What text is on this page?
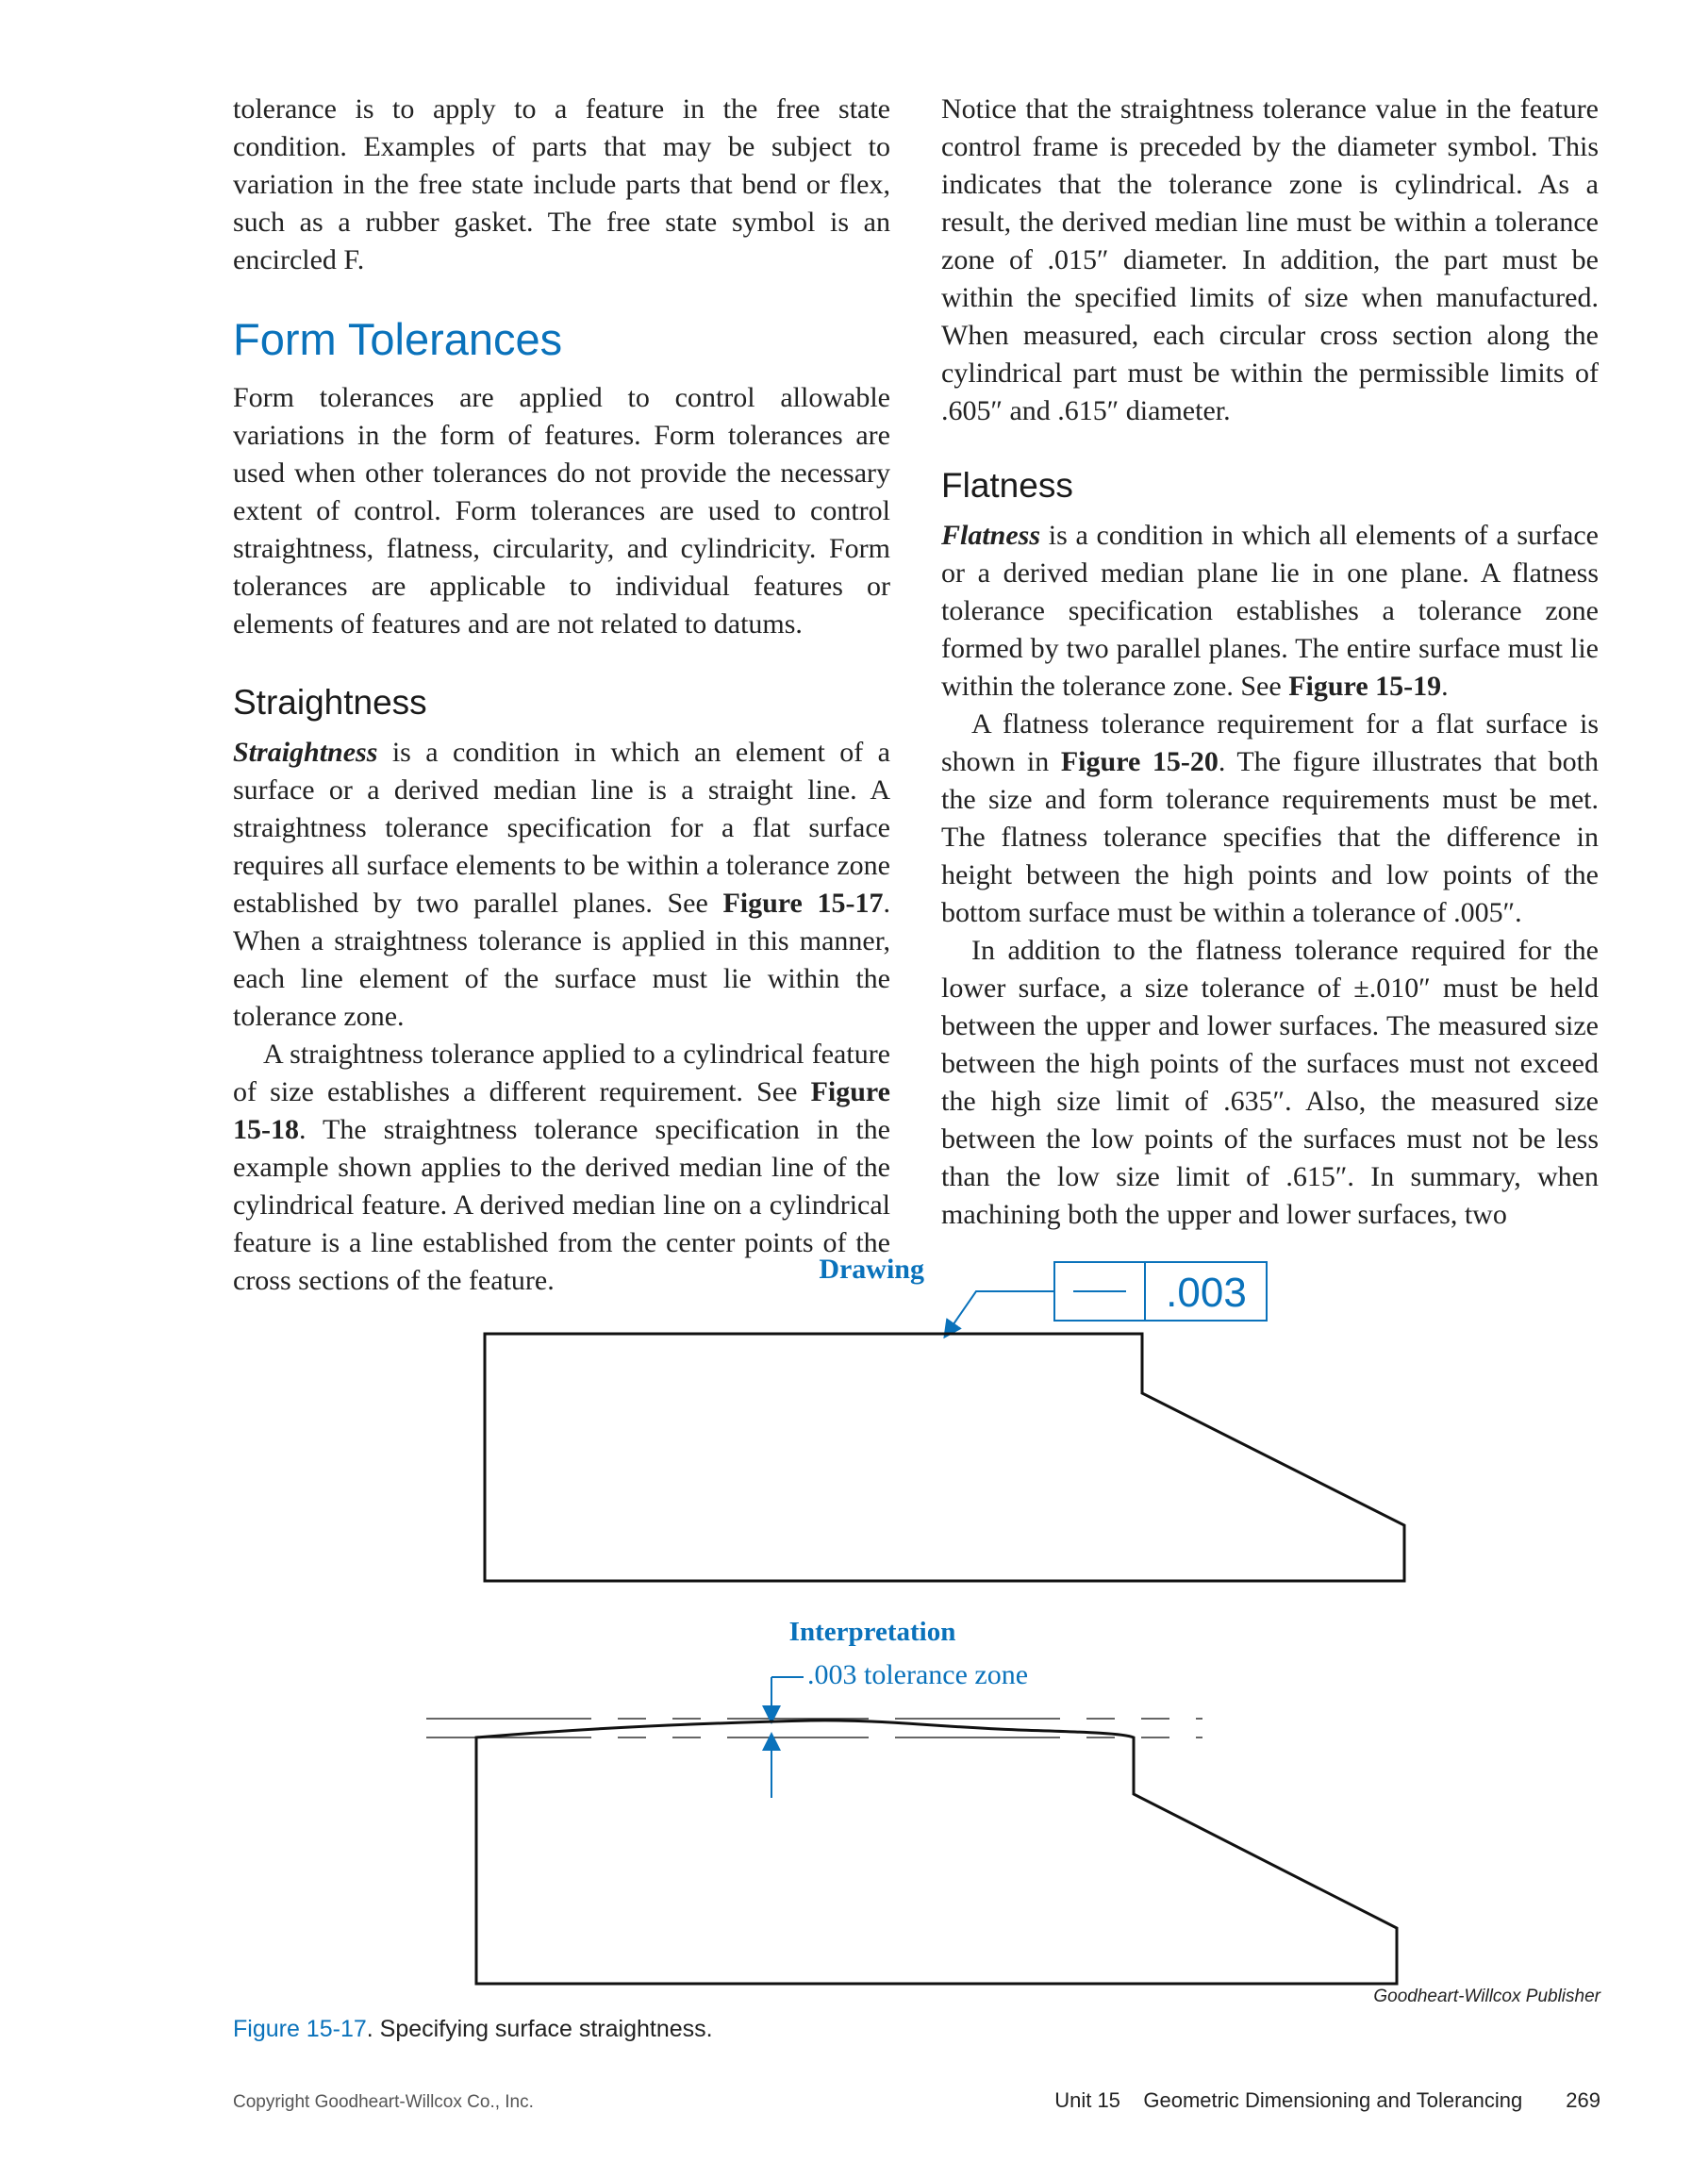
tolerance is to apply to a feature in the free state condition. Examples of parts that may be subject to variation in the free state include parts that bend or flex, such as a rubber gasket. The free state symbol is an encircled F.

Form Tolerances

Form tolerances are applied to control allowable variations in the form of features. Form tolerances are used when other tolerances do not provide the necessary extent of control. Form tolerances are used to control straightness, flatness, circularity, and cylindricity. Form tolerances are applicable to individual features or elements of features and are not related to datums.

Straightness

Straightness is a condition in which an element of a surface or a derived median line is a straight line. A straightness tolerance specification for a flat surface requires all surface elements to be within a tolerance zone established by two parallel planes. See Figure 15-17. When a straightness tolerance is applied in this manner, each line element of the surface must lie within the tolerance zone.

A straightness tolerance applied to a cylindrical feature of size establishes a different requirement. See Figure 15-18. The straightness tolerance specification in the example shown applies to the derived median line of the cylindrical feature. A derived median line on a cylindrical feature is a line established from the center points of the cross sections of the feature.

Notice that the straightness tolerance value in the feature control frame is preceded by the diameter symbol. This indicates that the tolerance zone is cylindrical. As a result, the derived median line must be within a tolerance zone of .015″ diameter. In addition, the part must be within the specified limits of size when manufactured. When measured, each circular cross section along the cylindrical part must be within the permissible limits of .605″ and .615″ diameter.

Flatness

Flatness is a condition in which all elements of a surface or a derived median plane lie in one plane. A flatness tolerance specification establishes a tolerance zone formed by two parallel planes. The entire surface must lie within the tolerance zone. See Figure 15-19.

A flatness tolerance requirement for a flat surface is shown in Figure 15-20. The figure illustrates that both the size and form tolerance requirements must be met. The flatness tolerance specifies that the difference in height between the high points and low points of the bottom surface must be within a tolerance of .005″.

In addition to the flatness tolerance required for the lower surface, a size tolerance of ±.010″ must be held between the upper and lower surfaces. The measured size between the high points of the surfaces must not exceed the high size limit of .635″. Also, the measured size between the low points of the surfaces must not be less than the low size limit of .615″. In summary, when machining both the upper and lower surfaces, two

Drawing
.003
Interpretation
.003 tolerance zone
Goodheart-Willcox Publisher
Figure 15-17. Specifying surface straightness.
Copyright Goodheart-Willcox Co., Inc.	Unit 15    Geometric Dimensioning and Tolerancing 269
